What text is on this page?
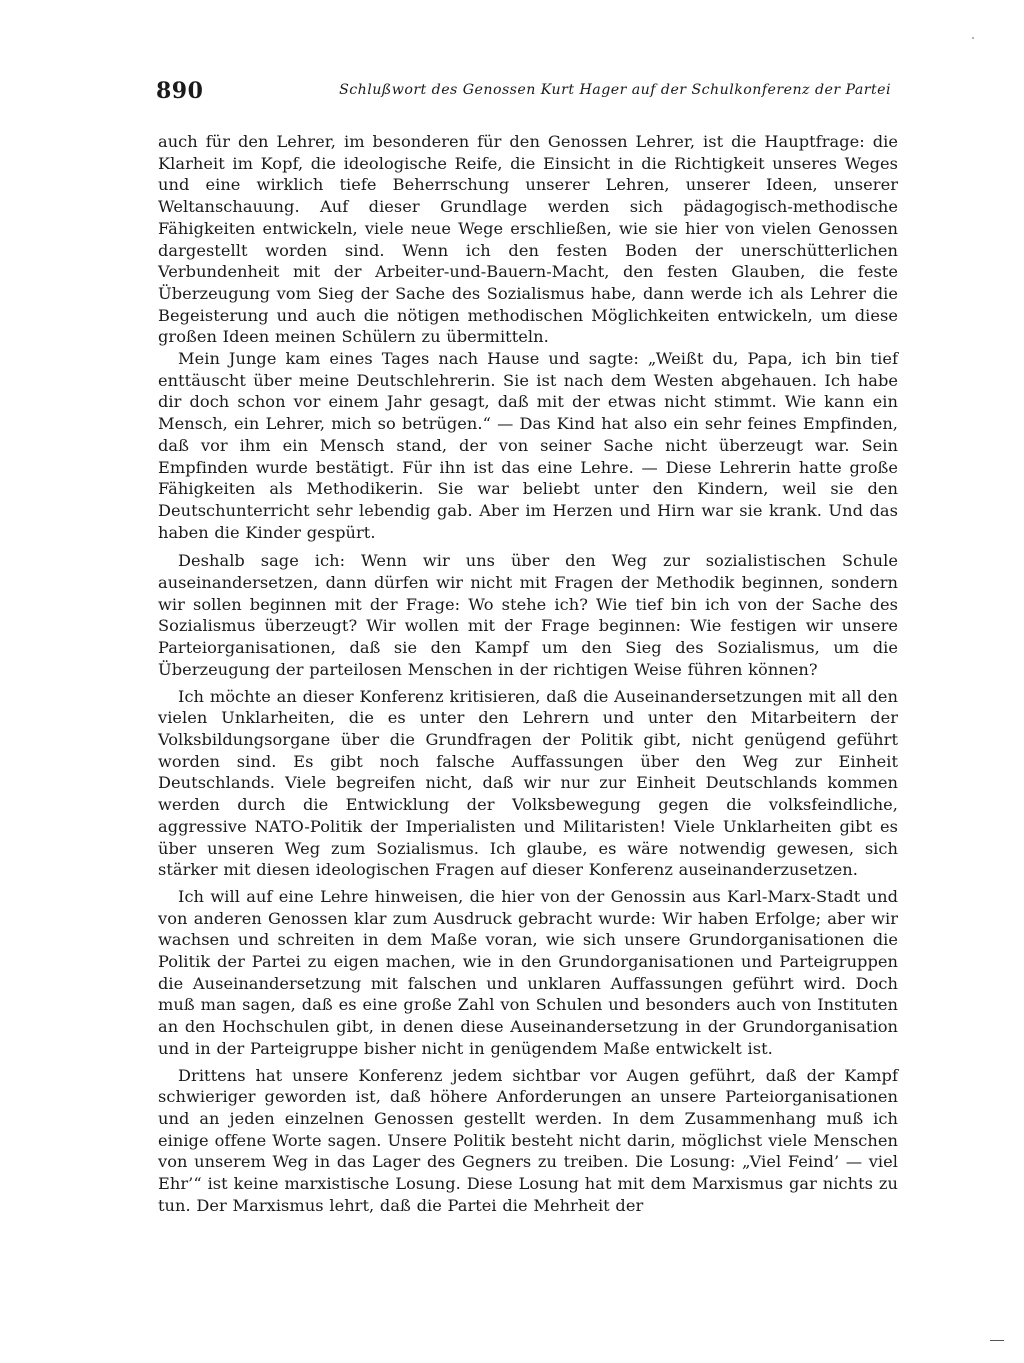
890	Schlußwort des Genossen Kurt Hager auf der Schulkonferenz der Partei

auch für den Lehrer, im besonderen für den Genossen Lehrer, ist die Hauptfrage: die Klarheit im Kopf, die ideologische Reife, die Einsicht in die Richtigkeit unseres Weges und eine wirklich tiefe Beherrschung unserer Lehren, unserer Ideen, unserer Weltanschauung. Auf dieser Grundlage werden sich pädagogisch-methodische Fähigkeiten entwickeln, viele neue Wege erschließen, wie sie hier von vielen Genossen dargestellt worden sind. Wenn ich den festen Boden der unerschütterlichen Verbundenheit mit der Arbeiter-und-Bauern-Macht, den festen Glauben, die feste Überzeugung vom Sieg der Sache des Sozialismus habe, dann werde ich als Lehrer die Begeisterung und auch die nötigen methodischen Möglichkeiten entwickeln, um diese großen Ideen meinen Schülern zu übermitteln.

Mein Junge kam eines Tages nach Hause und sagte: „Weißt du, Papa, ich bin tief enttäuscht über meine Deutschlehrerin. Sie ist nach dem Westen abgehauen. Ich habe dir doch schon vor einem Jahr gesagt, daß mit der etwas nicht stimmt. Wie kann ein Mensch, ein Lehrer, mich so betrügen.“ — Das Kind hat also ein sehr feines Empfinden, daß vor ihm ein Mensch stand, der von seiner Sache nicht überzeugt war. Sein Empfinden wurde bestätigt. Für ihn ist das eine Lehre. — Diese Lehrerin hatte große Fähigkeiten als Methodikerin. Sie war beliebt unter den Kindern, weil sie den Deutschunterricht sehr lebendig gab. Aber im Herzen und Hirn war sie krank. Und das haben die Kinder gespürt.

Deshalb sage ich: Wenn wir uns über den Weg zur sozialistischen Schule auseinandersetzen, dann dürfen wir nicht mit Fragen der Methodik beginnen, sondern wir sollen beginnen mit der Frage: Wo stehe ich? Wie tief bin ich von der Sache des Sozialismus überzeugt? Wir wollen mit der Frage beginnen: Wie festigen wir unsere Parteiorganisationen, daß sie den Kampf um den Sieg des Sozialismus, um die Überzeugung der parteilosen Menschen in der richtigen Weise führen können?

Ich möchte an dieser Konferenz kritisieren, daß die Auseinandersetzungen mit all den vielen Unklarheiten, die es unter den Lehrern und unter den Mitarbeitern der Volksbildungsorgane über die Grundfragen der Politik gibt, nicht genügend geführt worden sind. Es gibt noch falsche Auffassungen über den Weg zur Einheit Deutschlands. Viele begreifen nicht, daß wir nur zur Einheit Deutschlands kommen werden durch die Entwicklung der Volksbewegung gegen die volksfeindliche, aggressive NATO-Politik der Imperialisten und Militaristen! Viele Unklarheiten gibt es über unseren Weg zum Sozialismus. Ich glaube, es wäre notwendig gewesen, sich stärker mit diesen ideologischen Fragen auf dieser Konferenz auseinanderzusetzen.

Ich will auf eine Lehre hinweisen, die hier von der Genossin aus Karl-Marx-Stadt und von anderen Genossen klar zum Ausdruck gebracht wurde: Wir haben Erfolge; aber wir wachsen und schreiten in dem Maße voran, wie sich unsere Grundorganisationen die Politik der Partei zu eigen machen, wie in den Grundorganisationen und Parteigruppen die Auseinandersetzung mit falschen und unklaren Auffassungen geführt wird. Doch muß man sagen, daß es eine große Zahl von Schulen und besonders auch von Instituten an den Hochschulen gibt, in denen diese Auseinandersetzung in der Grundorganisation und in der Parteigruppe bisher nicht in genügendem Maße entwickelt ist.

Drittens hat unsere Konferenz jedem sichtbar vor Augen geführt, daß der Kampf schwieriger geworden ist, daß höhere Anforderungen an unsere Parteiorganisationen und an jeden einzelnen Genossen gestellt werden. In dem Zusammenhang muß ich einige offene Worte sagen. Unsere Politik besteht nicht darin, möglichst viele Menschen von unserem Weg in das Lager des Gegners zu treiben. Die Losung: „Viel Feind’ — viel Ehr’“ ist keine marxistische Losung. Diese Losung hat mit dem Marxismus gar nichts zu tun. Der Marxismus lehrt, daß die Partei die Mehrheit der
